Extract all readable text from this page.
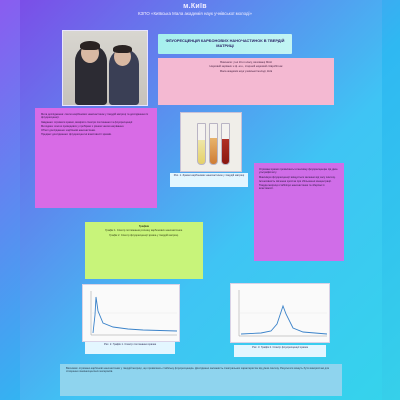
м.Київ
КЗПО «Київська Мала академія наук учнівської молоді»
ФЛУОРЕСЦЕНЦІЯ КАРБОНОВИХ НАНОЧАСТИНОК В ТВЕРДІЙ МАТРИЦІ

Виконали: учні 10-го класу, вихованці МАН

Науковий керівник: к.ф.-м.н., старший науковий співробітник

Мала академія наук учнівської молоді, Київ

Мета дослідження: синтез карбонових наночастинок у твердій матриці та дослідження їх флуоресценції.

Завдання: отримати зразки, виміряти спектри поглинання та флуоресценції.

Методика: синтез проводився у пробірках з різним часом нагрівання.

Об'єкт дослідження: карбонові наночастинки.

Предмет дослідження: флуоресцентні властивості зразків.

Рис. 1. Зразки карбонових наночастинок у твердій матриці

Отримані зразки проявляють інтенсивну флуоресценцію під дією ультрафіолету.

Максимум флуоресценції зміщується залежно від часу синтезу.

Інтенсивність свічення зростає при збільшенні концентрації.

Тверда матриця стабілізує наночастинки та зберігає їх властивості.

Графіки

Графік 1. Спектр поглинання розчину карбонових наночастинок.

Графік 2. Спектр флуоресценції зразка у твердій матриці.

Рис. 2. Графік 1. Спектр поглинання зразка
Рис. 3. Графік 2. Спектр флуоресценції зразка
Висновки: отримано карбонові наночастинки у твердій матриці, що проявляють стабільну флуоресценцію. Досліджено залежність спектральних характеристик від умов синтезу. Результати можуть бути використані для створення люмінесцентних матеріалів.
